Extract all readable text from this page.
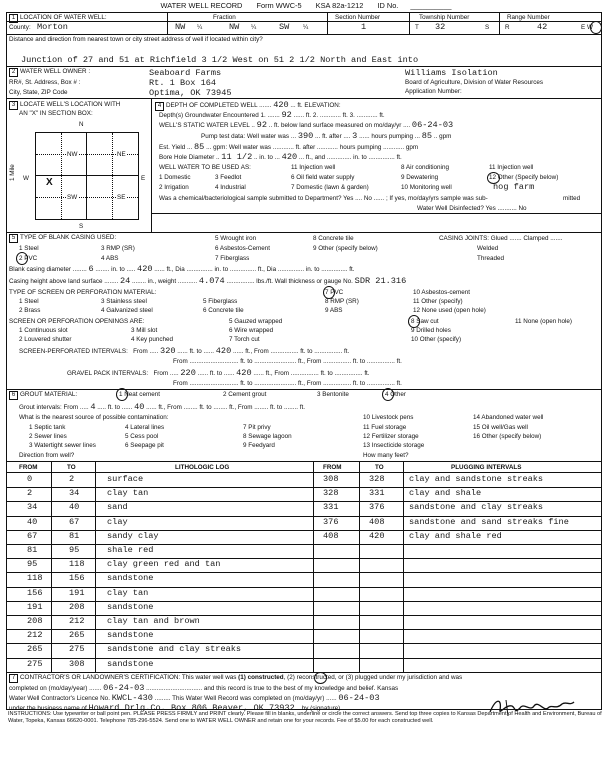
WATER WELL RECORD Form WWC-5 KSA 82a-1212 ID No. __________
1 LOCATION OF WATER WELL:	Fraction	Section Number	Township Number	Range Number
County: Morton	NW ¼	NW ¼	SW ¼	1	T 32	S	R	42	E W
Distance and direction from nearest town or city street address of well if located within city?
Junction of 27 and 51 at Richfield 3 1/2 West on 51 2 1/2 North and East into
2 WATER WELL OWNER :
RR#, St. Address, Box # :
City, State, ZIP Code
Seaboard Farms
Rt. 1 Box 164
Optima, OK 73945
Williams Isolation
Board of Agriculture, Division of Water Resources
Application Number:
3 LOCATE WELL'S LOCATION WITH
AN "X" IN SECTION BOX:
N
S
E
W
1 Mile
NW	NE
SW	SE
X
4 DEPTH OF COMPLETED WELL ....... 420 ... ft. ELEVATION:
Depth(s) Groundwater Encountered 1. ....... 92 ...... ft. 2. ............ ft. 3. ............ ft.
WELL'S STATIC WATER LEVEL .. 92 .. ft. below land surface measured on mo/day/yr .... 06-24-03
Pump test data: Well water was ... 390 ... ft. after .... 3 ...... hours pumping ... 85 .. gpm
Est. Yield ... 85 ... gpm: Well water was ............ ft. after ............ hours pumping ............ gpm
Bore Hole Diameter .. 11 1/2 .. in. to ... 420 ... ft., and .............. in. to ............... ft.
WELL WATER TO BE USED AS:	11 Injection well	8 Air conditioning	11 Injection well
1 Domestic	3 Feedlot	6 Oil field water supply	9 Dewatering	12 Other (Specify below)
2 Irrigation	4 Industrial	7 Domestic (lawn & garden)	10 Monitoring well	hog farm
Was a chemical/bacteriological sample submitted to Department? Yes .... No ...... ; If yes, mo/day/yrs sample was sub-	mitted
Water Well Disinfected? Yes ........... No
5 TYPE OF BLANK CASING USED:	5 Wrought iron	8 Concrete tile	CASING JOINTS: Glued ....... Clamped .......
1 Steel	3 RMP (SR)	6 Asbestos-Cement	9 Other (specify below)	Welded
2 PVC	4 ABS	7 Fiberglass	Threaded
Blank casing diameter ........ 6 ........ in. to ..... 420 ...... ft., Dia ............... in. to ............... ft., Dia ............... in. to ............... ft.
Casing height above land surface ........ 24 ........ in., weight ........... 4.074 ................ lbs./ft. Wall thickness or gauge No. SDR 21.316
TYPE OF SCREEN OR PERFORATION MATERIAL:	7 PVC	10 Asbestos-cement
1 Steel	3 Stainless steel	5 Fiberglass	8 RMP (SR)	11 Other (specify)
2 Brass	4 Galvanized steel	6 Concrete tile	9 ABS	12 None used (open hole)
SCREEN OR PERFORATION OPENINGS ARE:	5 Gauzed wrapped	8 Saw cut	11 None (open hole)
1 Continuous slot	3 Mill slot	6 Wire wrapped	9 Drilled holes
2 Louvered shutter	4 Key punched	7 Torch cut	10 Other (specify)
SCREEN-PERFORATED INTERVALS: From ..... 320 ...... ft. to ...... 420 ...... ft., From ................ ft. to ................ ft.
From ............................ ft. to ........................ ft., From ................ ft. to ................ ft.
GRAVEL PACK INTERVALS: From ..... 220 ...... ft. to ...... 420 ...... ft., From ................ ft. to ................ ft.
From ............................ ft. to ........................ ft., From ................ ft. to ................ ft.
6 GROUT MATERIAL:	1 Neat cement	2 Cement grout	3 Bentonite	4 Other
Grout intervals: From ..... 4 ..... ft. to ...... 40 ...... ft., From ........ ft. to ........ ft., From ........ ft. to ........ ft.
What is the nearest source of possible contamination:	10 Livestock pens	14 Abandoned water well
1 Septic tank	4 Lateral lines	7 Pit privy	11 Fuel storage	15 Oil well/Gas well
2 Sewer lines	5 Cess pool	8 Sewage lagoon	12 Fertilizer storage	16 Other (specify below)
3 Watertight sewer lines	6 Seepage pit	9 Feedyard	13 Insecticide storage
Direction from well?	How many feet?
FROM	TO	LITHOLOGIC LOG	FROM	TO	PLUGGING INTERVALS
0	2	surface	308	328	clay and sandstone streaks
2	34	clay tan	328	331	clay and shale
34	40	sand	331	376	sandstone and clay streaks
40	67	clay	376	408	sandstone and sand streaks fine
67	81	sandy clay	408	420	clay and shale red
81	95	shale red
95	118	clay green red and tan
118	156	sandstone
156	191	clay tan
191	208	sandstone
208	212	clay tan and brown
212	265	sandstone
265	275	sandstone and clay streaks
275	308	sandstone
7 CONTRACTOR'S OR LANDOWNER'S CERTIFICATION: This water well was (1) constructed, (2) reconstructed, or (3) plugged under my jurisdiction and was
completed on (mo/day/year) ....... 06-24-03 ................................ and this record is true to the best of my knowledge and belief. Kansas
Water Well Contractor's Licence No. KWCL-430 ......... This Water Well Record was completed on (mo/day/yr) ...... 06-24-03
under the business name of Howard Drlg.Co. Box 806 Beaver, OK 73932 by (signature)
INSTRUCTIONS: Use typewriter or ball point pen. PLEASE PRESS FIRMLY and PRINT clearly. Please fill in blanks, underline or circle the correct answers. Send top three copies to Kansas Department of Health and Environment, Bureau of Water, Topeka, Kansas 66620-0001. Telephone 785-296-5524. Send one to WATER WELL OWNER and retain one for your records. Fee of $5.00 for each constructed well.
